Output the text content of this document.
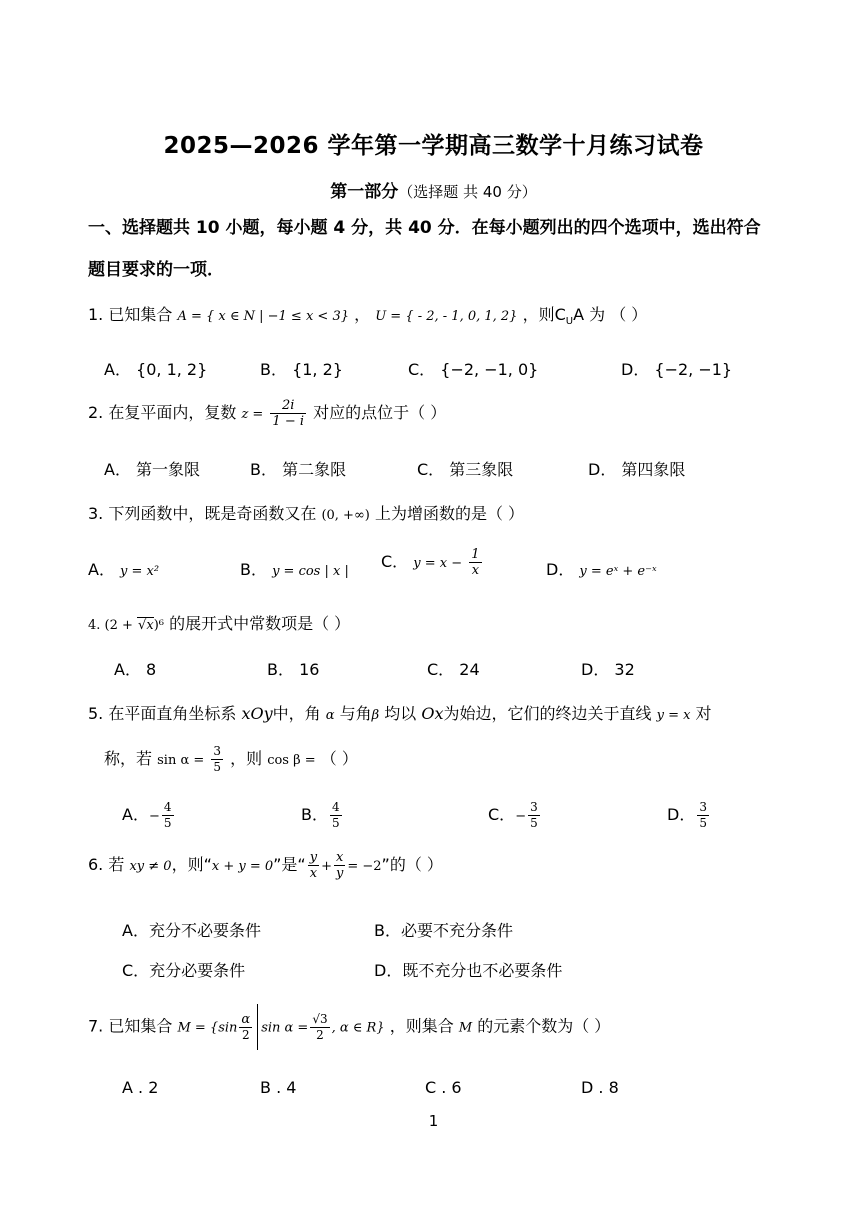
2025—2026 学年第一学期高三数学十月练习试卷
第一部分（选择题 共 40 分）
一、选择题共 10 小题，每小题 4 分，共 40 分．在每小题列出的四个选项中，选出符合
题目要求的一项．
1. 已知集合 A = { x ∈ N | −1 ≤ x < 3} ， U = { - 2, - 1, 0, 1, 2} ，则$C_UA$ 为 （ ）
A． {0, 1, 2}	B． {1, 2}	C． {−2, −1, 0}	D． {−2, −1}
2. 在复平面内，复数 $z = \frac{2i}{1 - i}$ 对应的点位于（ ）
A． 第一象限	B． 第二象限	C． 第三象限	D． 第四象限
3. 下列函数中，既是奇函数又在 (0, +∞) 上为增函数的是（ ）
A． y = x²	B． y = cos | x |
C． $y = x - \frac{1}{x}$	D． y = eˣ + e⁻ˣ
4. (2 + √x)⁶ 的展开式中常数项是（ ）
A． 8	B． 16	C． 24	D． 32
5. 在平面直角坐标系 xOy中，角 α 与角β 均以 Ox为始边，它们的终边关于直线 y = x 对
称，若 $\sin \alpha = \frac{3}{5}$ ，则 cos β = （ ）
A．− $\frac{4}{5}$	B． $\frac{4}{5}$	C．− $\frac{3}{5}$	D． $\frac{3}{5}$
6. 若 xy ≠ 0，则“x + y = 0”是“ $\frac{y}{x} + \frac{x}{y} = -2$”的（ ）
A．充分不必要条件	B．必要不充分条件
C．充分必要条件	D．既不充分也不必要条件
7. 已知集合 $M = \{\sin \frac{\alpha}{2}$ $\sin \alpha = \frac{√3}{2}$ , α ∈ R} ，则集合 M 的元素个数为（ ）
A . 2	B . 4	C . 6	D . 8
1
